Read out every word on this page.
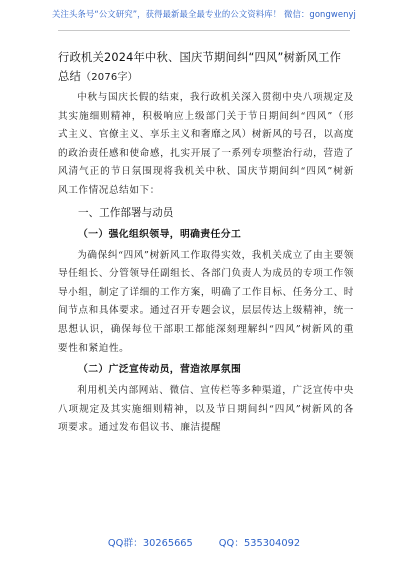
关注头条号“公文研究”，获得最新最全最专业的公文资料库！ 微信：gongwenyj
行政机关2024年中秋、国庆节期间纠“四风”树新风工作
总结（2076字）

中秋与国庆长假的结束，我行政机关深入贯彻中央八项规定及其实施细则精神，积极响应上级部门关于节日期间纠“四风”（形式主义、官僚主义、享乐主义和奢靡之风）树新风的号召，以高度的政治责任感和使命感，扎实开展了一系列专项整治行动，营造了风清气正的节日氛围现将我机关中秋、国庆节期间纠“四风”树新风工作情况总结如下：

一、工作部署与动员
（一）强化组织领导，明确责任分工

为确保纠“四风”树新风工作取得实效，我机关成立了由主要领导任组长、分管领导任副组长、各部门负责人为成员的专项工作领导小组，制定了详细的工作方案，明确了工作目标、任务分工、时间节点和具体要求。通过召开专题会议，层层传达上级精神，统一思想认识，确保每位干部职工都能深刻理解纠“四风”树新风的重要性和紧迫性。

（二）广泛宣传动员，营造浓厚氛围

利用机关内部网站、微信、宣传栏等多种渠道，广泛宣传中央八项规定及其实施细则精神，以及节日期间纠“四风”树新风的各项要求。通过发布倡议书、廉洁提醒

QQ群：30265665	QQ：535304092
